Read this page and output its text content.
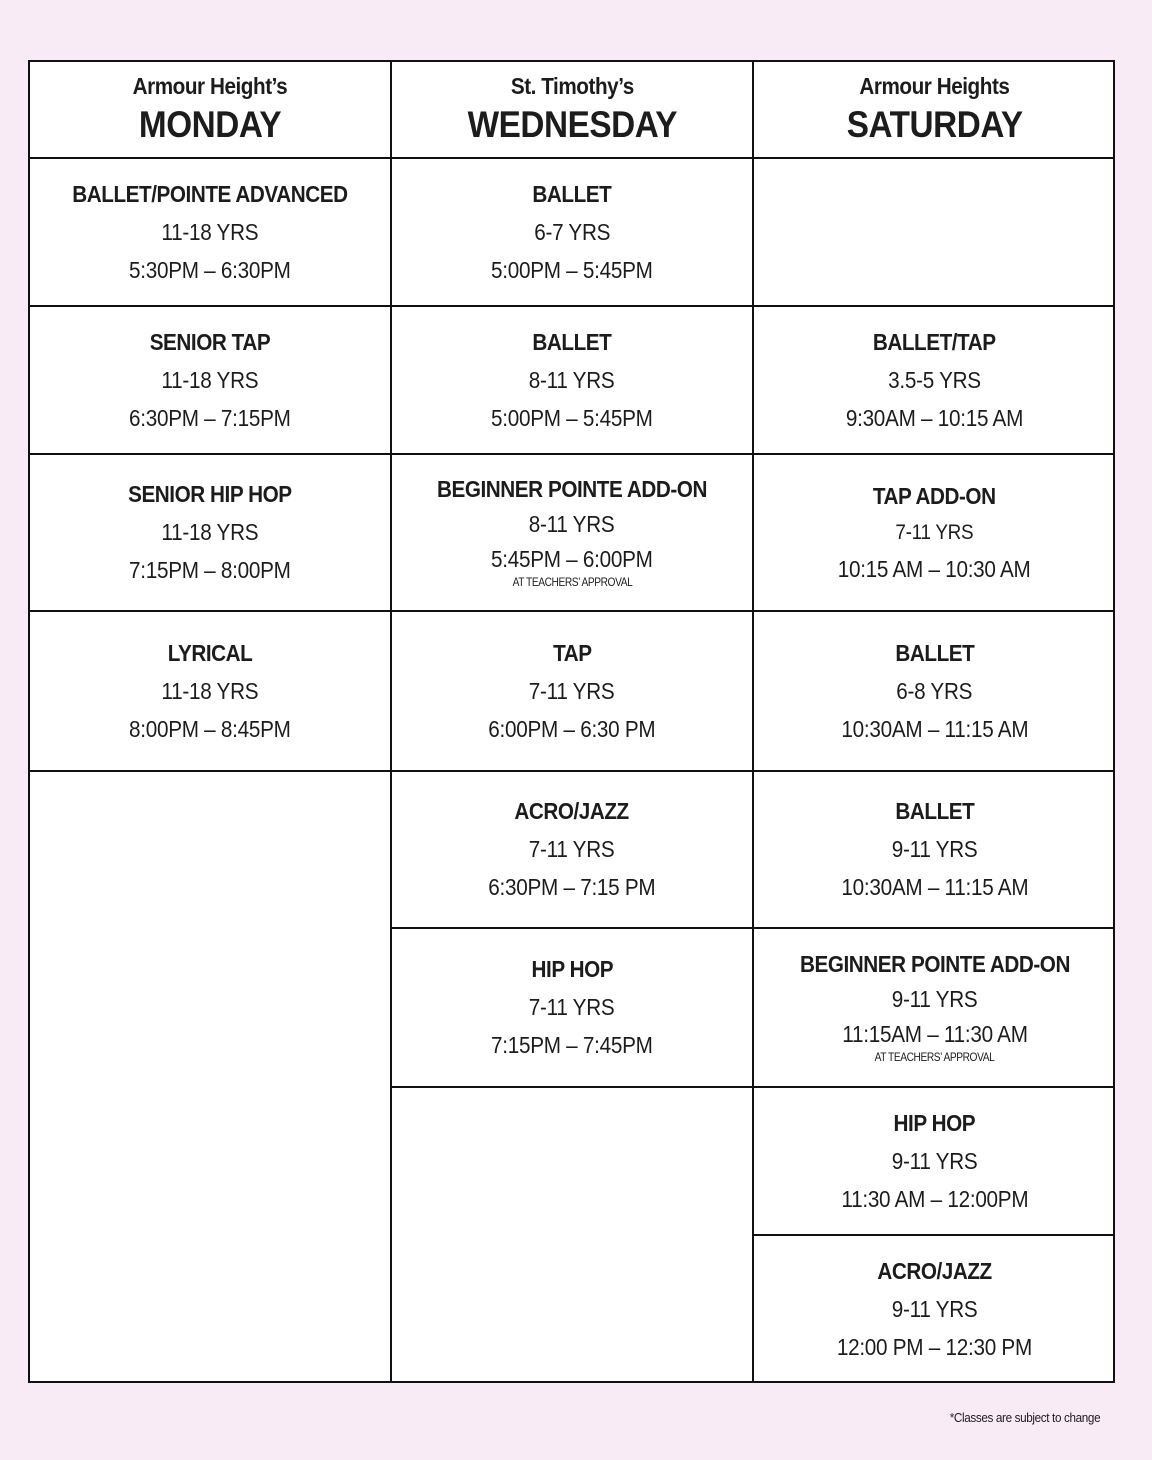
Armour Height’s
MONDAY
BALLET/POINTE ADVANCED
11-18 YRS
5:30PM – 6:30PM
SENIOR TAP
11-18 YRS
6:30PM – 7:15PM
SENIOR HIP HOP
11-18 YRS
7:15PM – 8:00PM
LYRICAL
11-18 YRS
8:00PM – 8:45PM
St. Timothy’s
WEDNESDAY
BALLET
6-7 YRS
5:00PM – 5:45PM
BALLET
8-11 YRS
5:00PM – 5:45PM
BEGINNER POINTE ADD-ON
8-11 YRS
5:45PM – 6:00PM
AT TEACHERS’ APPROVAL
TAP
7-11 YRS
6:00PM – 6:30 PM
ACRO/JAZZ
7-11 YRS
6:30PM – 7:15 PM
HIP HOP
7-11 YRS
7:15PM – 7:45PM
Armour Heights
SATURDAY
BALLET/TAP
3.5-5 YRS
9:30AM – 10:15 AM
TAP ADD-ON
7-11 YRS
10:15 AM – 10:30 AM
BALLET
6-8 YRS
10:30AM – 11:15 AM
BALLET
9-11 YRS
10:30AM – 11:15 AM
BEGINNER POINTE ADD-ON
9-11 YRS
11:15AM – 11:30 AM
AT TEACHERS’ APPROVAL
HIP HOP
9-11 YRS
11:30 AM – 12:00PM
ACRO/JAZZ
9-11 YRS
12:00 PM – 12:30 PM
*Classes are subject to change
